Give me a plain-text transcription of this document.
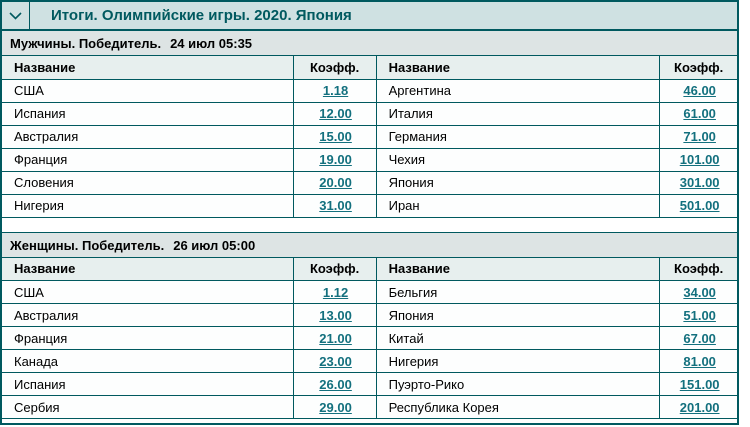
Итоги. Олимпийские игры. 2020. Япония
Мужчины. Победитель. 24 июл 05:35
Название	Коэфф.	Название	Коэфф.
США	1.18	Аргентина	46.00
Испания	12.00	Италия	61.00
Австралия	15.00	Германия	71.00
Франция	19.00	Чехия	101.00
Словения	20.00	Япония	301.00
Нигерия	31.00	Иран	501.00
Женщины. Победитель. 26 июл 05:00
Название	Коэфф.	Название	Коэфф.
США	1.12	Бельгия	34.00
Австралия	13.00	Япония	51.00
Франция	21.00	Китай	67.00
Канада	23.00	Нигерия	81.00
Испания	26.00	Пуэрто-Рико	151.00
Сербия	29.00	Республика Корея	201.00
